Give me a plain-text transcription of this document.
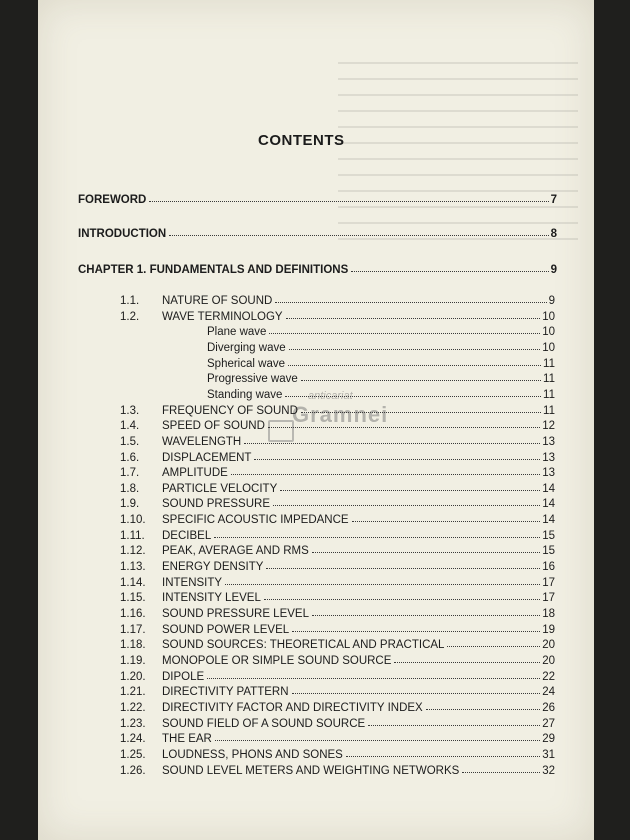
CONTENTS
anticariat
Gramnei
FOREWORD	7
INTRODUCTION	8
CHAPTER 1. FUNDAMENTALS AND DEFINITIONS	9
1.1.	NATURE OF SOUND	9
1.2.	WAVE TERMINOLOGY	10
Plane wave	10
Diverging wave	10
Spherical wave	11
Progressive wave	11
Standing wave	11
1.3.	FREQUENCY OF SOUND	11
1.4.	SPEED OF SOUND	12
1.5.	WAVELENGTH	13
1.6.	DISPLACEMENT	13
1.7.	AMPLITUDE	13
1.8.	PARTICLE VELOCITY	14
1.9.	SOUND PRESSURE	14
1.10.	SPECIFIC ACOUSTIC IMPEDANCE	14
1.11.	DECIBEL	15
1.12.	PEAK, AVERAGE AND RMS	15
1.13.	ENERGY DENSITY	16
1.14.	INTENSITY	17
1.15.	INTENSITY LEVEL	17
1.16.	SOUND PRESSURE LEVEL	18
1.17.	SOUND POWER LEVEL	19
1.18.	SOUND SOURCES: THEORETICAL AND PRACTICAL	20
1.19.	MONOPOLE OR SIMPLE SOUND SOURCE	20
1.20.	DIPOLE	22
1.21.	DIRECTIVITY PATTERN	24
1.22.	DIRECTIVITY FACTOR AND DIRECTIVITY INDEX	26
1.23.	SOUND FIELD OF A SOUND SOURCE	27
1.24.	THE EAR	29
1.25.	LOUDNESS, PHONS AND SONES	31
1.26.	SOUND LEVEL METERS AND WEIGHTING NETWORKS	32
